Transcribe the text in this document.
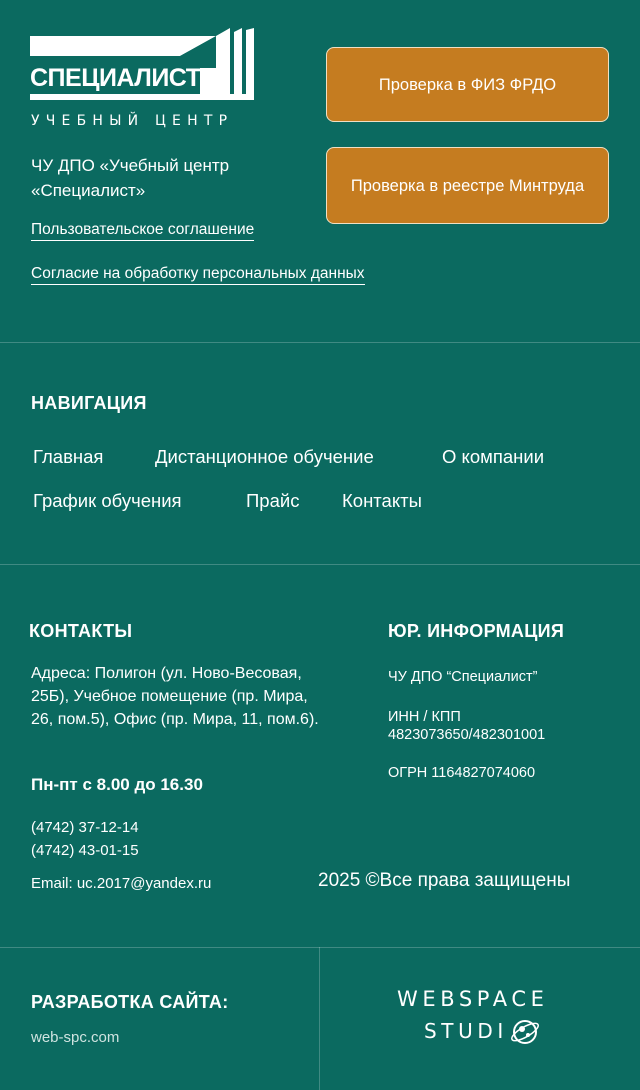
СПЕЦИАЛИСТ
УЧЕБНЫЙ ЦЕНТР
ЧУ ДПО «Учебный центр «Специалист»
Пользовательское соглашение
Согласие на обработку персональных данных
Проверка в ФИЗ ФРДО
Проверка в реестре Минтруда
НАВИГАЦИЯ
Главная	Дистанционное обучение	О компании
График обучения	Прайс Контакты
КОНТАКТЫ
Адреса: Полигон (ул. Ново-Весовая, 25Б), Учебное помещение (пр. Мира, 26, пом.5), Офис (пр. Мира, 11, пом.6).
Пн-пт с 8.00 до 16.30
(4742) 37-12-14
(4742) 43-01-15
Email: uc.2017@yandex.ru
ЮР. ИНФОРМАЦИЯ
ЧУ ДПО “Специалист”
ИНН / КПП
4823073650/482301001
ОГРН 1164827074060
2025 ©Все права защищены
РАЗРАБОТКА САЙТА:
web-spc.com
WEBSPACE
STUDI
